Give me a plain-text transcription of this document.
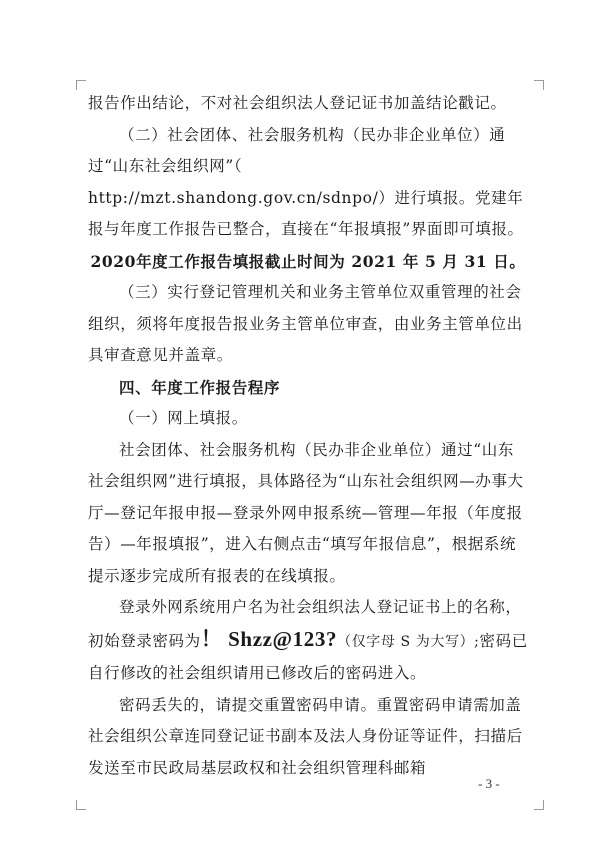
报告作出结论，不对社会组织法人登记证书加盖结论戳记。

（二）社会团体、社会服务机构（民办非企业单位）通过“山东社会组织网”（ http://mzt.shandong.gov.cn/sdnpo/）进行填报。党建年报与年度工作报告已整合，直接在“年报填报”界面即可填报。

2020年度工作报告填报截止时间为 2021 年 5 月 31 日。

（三）实行登记管理机关和业务主管单位双重管理的社会组织，须将年度报告报业务主管单位审查，由业务主管单位出具审查意见并盖章。

四、年度工作报告程序

（一）网上填报。

社会团体、社会服务机构（民办非企业单位）通过“山东社会组织网”进行填报，具体路径为“山东社会组织网—办事大厅—登记年报申报—登录外网申报系统—管理—年报（年度报告）—年报填报”，进入右侧点击“填写年报信息”，根据系统提示逐步完成所有报表的在线填报。

登录外网系统用户名为社会组织法人登记证书上的名称，初始登录密码为！ Shzz@123?（仅字母 S 为大写）;密码已自行修改的社会组织请用已修改后的密码进入。

密码丢失的，请提交重置密码申请。重置密码申请需加盖社会组织公章连同登记证书副本及法人身份证等证件，扫描后发送至市民政局基层政权和社会组织管理科邮箱

- 3 -
